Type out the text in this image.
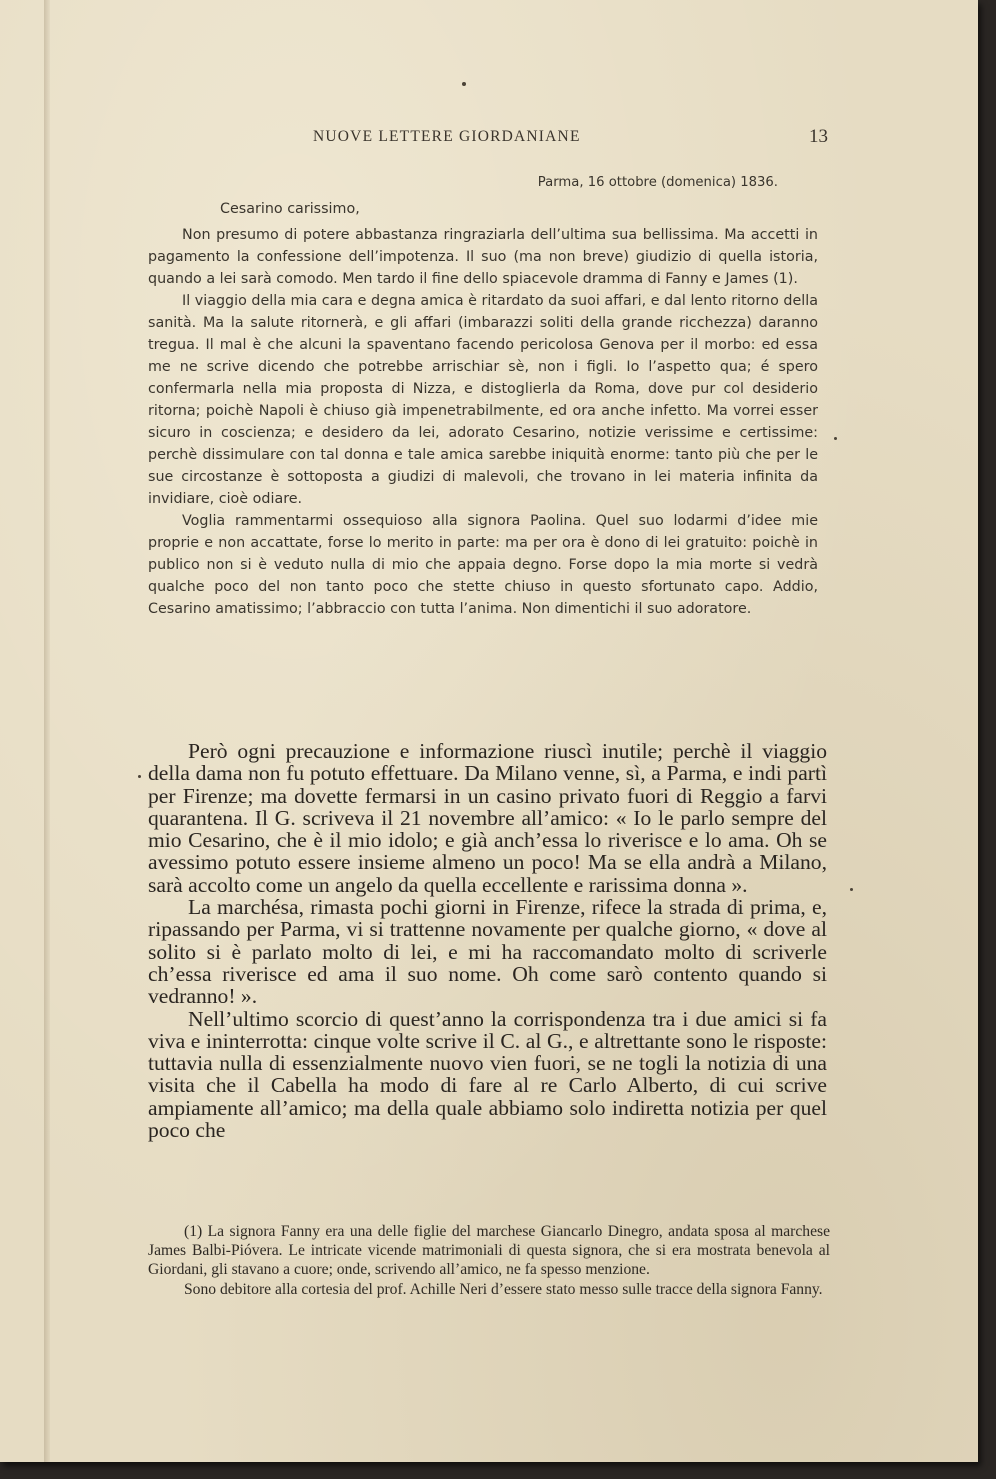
NUOVE LETTERE GIORDANIANE	13
Parma, 16 ottobre (domenica) 1836.
Cesarino carissimo,

Non presumo di potere abbastanza ringraziarla dell’ultima sua bellissima. Ma accetti in pagamento la confessione dell’impotenza. Il suo (ma non breve) giudizio di quella istoria, quando a lei sarà comodo. Men tardo il fine dello spiacevole dramma di Fanny e James (1).

Il viaggio della mia cara e degna amica è ritardato da suoi affari, e dal lento ritorno della sanità. Ma la salute ritornerà, e gli affari (imbarazzi soliti della grande ricchezza) daranno tregua. Il mal è che alcuni la spaventano facendo pericolosa Genova per il morbo: ed essa me ne scrive dicendo che potrebbe arrischiar sè, non i figli. Io l’aspetto qua; é spero confermarla nella mia proposta di Nizza, e distoglierla da Roma, dove pur col desiderio ritorna; poichè Napoli è chiuso già impenetrabilmente, ed ora anche infetto. Ma vorrei esser sicuro in coscienza; e desidero da lei, adorato Cesarino, notizie verissime e certissime: perchè dissimulare con tal donna e tale amica sarebbe iniquità enorme: tanto più che per le sue circostanze è sottoposta a giudizi di malevoli, che trovano in lei materia infinita da invidiare, cioè odiare.

Voglia rammentarmi ossequioso alla signora Paolina. Quel suo lodarmi d’idee mie proprie e non accattate, forse lo merito in parte: ma per ora è dono di lei gratuito: poichè in publico non si è veduto nulla di mio che appaia degno. Forse dopo la mia morte si vedrà qualche poco del non tanto poco che stette chiuso in questo sfortunato capo. Addio, Cesarino amatissimo; l’abbraccio con tutta l’anima. Non dimentichi il suo adoratore.

Però ogni precauzione e informazione riuscì inutile; perchè il viaggio della dama non fu potuto effettuare. Da Milano venne, sì, a Parma, e indi partì per Firenze; ma dovette fermarsi in un casino privato fuori di Reggio a farvi quarantena. Il G. scriveva il 21 novembre all’amico: « Io le parlo sempre del mio Cesarino, che è il mio idolo; e già anch’essa lo riverisce e lo ama. Oh se avessimo potuto essere insieme almeno un poco! Ma se ella andrà a Milano, sarà accolto come un angelo da quella eccellente e rarissima donna ».

La marchésa, rimasta pochi giorni in Firenze, rifece la strada di prima, e, ripassando per Parma, vi si trattenne novamente per qualche giorno, « dove al solito si è parlato molto di lei, e mi ha raccomandato molto di scriverle ch’essa riverisce ed ama il suo nome. Oh come sarò contento quando si vedranno! ».

Nell’ultimo scorcio di quest’anno la corrispondenza tra i due amici si fa viva e ininterrotta: cinque volte scrive il C. al G., e altrettante sono le risposte: tuttavia nulla di essenzialmente nuovo vien fuori, se ne togli la notizia di una visita che il Cabella ha modo di fare al re Carlo Alberto, di cui scrive ampiamente all’amico; ma della quale abbiamo solo indiretta notizia per quel poco che

(1) La signora Fanny era una delle figlie del marchese Giancarlo Dinegro, andata sposa al marchese James Balbi-Pióvera. Le intricate vicende matrimoniali di questa signora, che si era mostrata benevola al Giordani, gli stavano a cuore; onde, scrivendo all’amico, ne fa spesso menzione.

Sono debitore alla cortesia del prof. Achille Neri d’essere stato messo sulle tracce della signora Fanny.
